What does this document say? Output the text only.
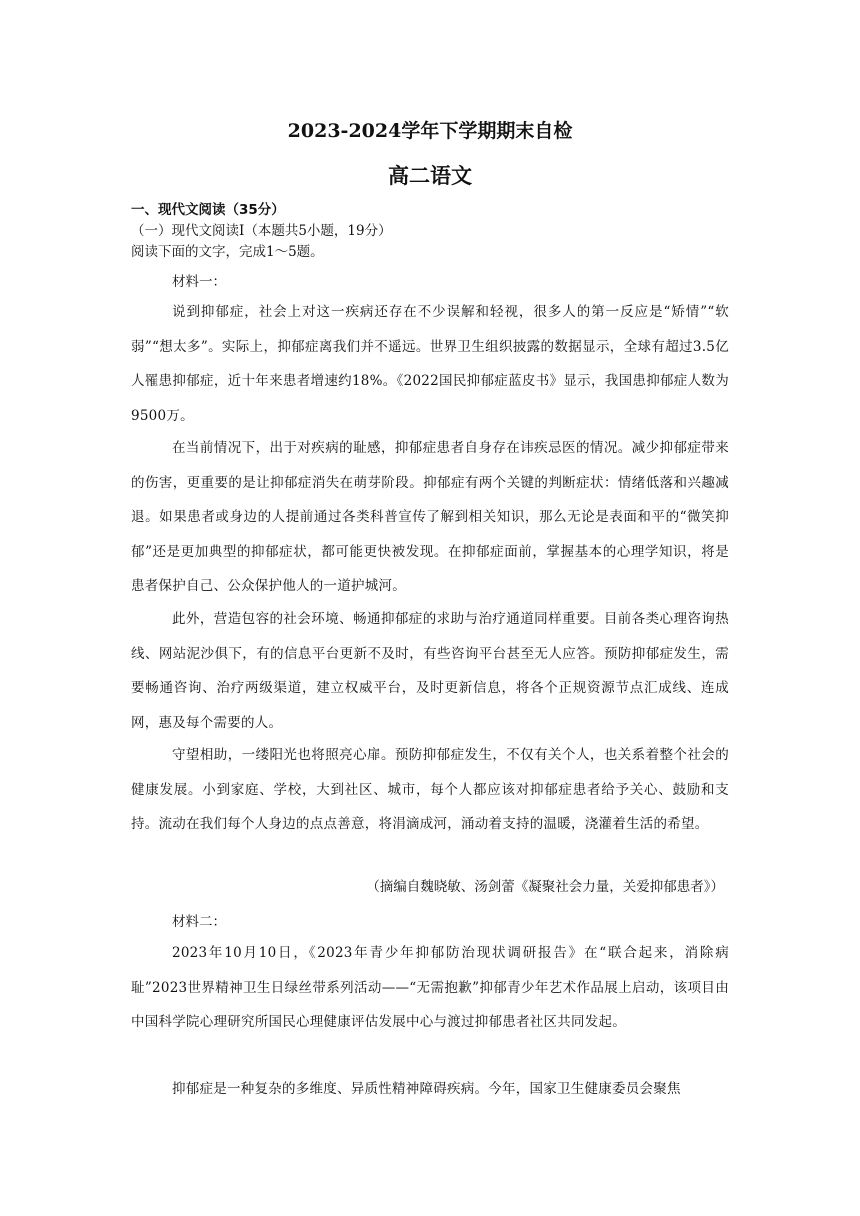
2023-2024学年下学期期末自检
高二语文
一、现代文阅读（35分）
（一）现代文阅读Ⅰ（本题共5小题，19分）
阅读下面的文字，完成1～5题。
材料一：

说到抑郁症，社会上对这一疾病还存在不少误解和轻视，很多人的第一反应是“矫情”“软弱”“想太多”。实际上，抑郁症离我们并不遥远。世界卫生组织披露的数据显示，全球有超过3.5亿人罹患抑郁症，近十年来患者增速约18%。《2022国民抑郁症蓝皮书》显示，我国患抑郁症人数为9500万。

在当前情况下，出于对疾病的耻感，抑郁症患者自身存在讳疾忌医的情况。减少抑郁症带来的伤害，更重要的是让抑郁症消失在萌芽阶段。抑郁症有两个关键的判断症状：情绪低落和兴趣减退。如果患者或身边的人提前通过各类科普宣传了解到相关知识，那么无论是表面和平的“微笑抑郁”还是更加典型的抑郁症状，都可能更快被发现。在抑郁症面前，掌握基本的心理学知识，将是患者保护自己、公众保护他人的一道护城河。

此外，营造包容的社会环境、畅通抑郁症的求助与治疗通道同样重要。目前各类心理咨询热线、网站泥沙俱下，有的信息平台更新不及时，有些咨询平台甚至无人应答。预防抑郁症发生，需要畅通咨询、治疗两级渠道，建立权威平台，及时更新信息，将各个正规资源节点汇成线、连成网，惠及每个需要的人。

守望相助，一缕阳光也将照亮心扉。预防抑郁症发生，不仅有关个人，也关系着整个社会的健康发展。小到家庭、学校，大到社区、城市，每个人都应该对抑郁症患者给予关心、鼓励和支持。流动在我们每个人身边的点点善意，将涓滴成河，涌动着支持的温暖，浇灌着生活的希望。

（摘编自魏晓敏、汤剑蕾《凝聚社会力量，关爱抑郁患者》）
材料二：

2023年10月10日，《2023年青少年抑郁防治现状调研报告》在“联合起来，消除病耻”2023世界精神卫生日绿丝带系列活动——“无需抱歉”抑郁青少年艺术作品展上启动，该项目由中国科学院心理研究所国民心理健康评估发展中心与渡过抑郁患者社区共同发起。

抑郁症是一种复杂的多维度、异质性精神障碍疾病。今年，国家卫生健康委员会聚焦
